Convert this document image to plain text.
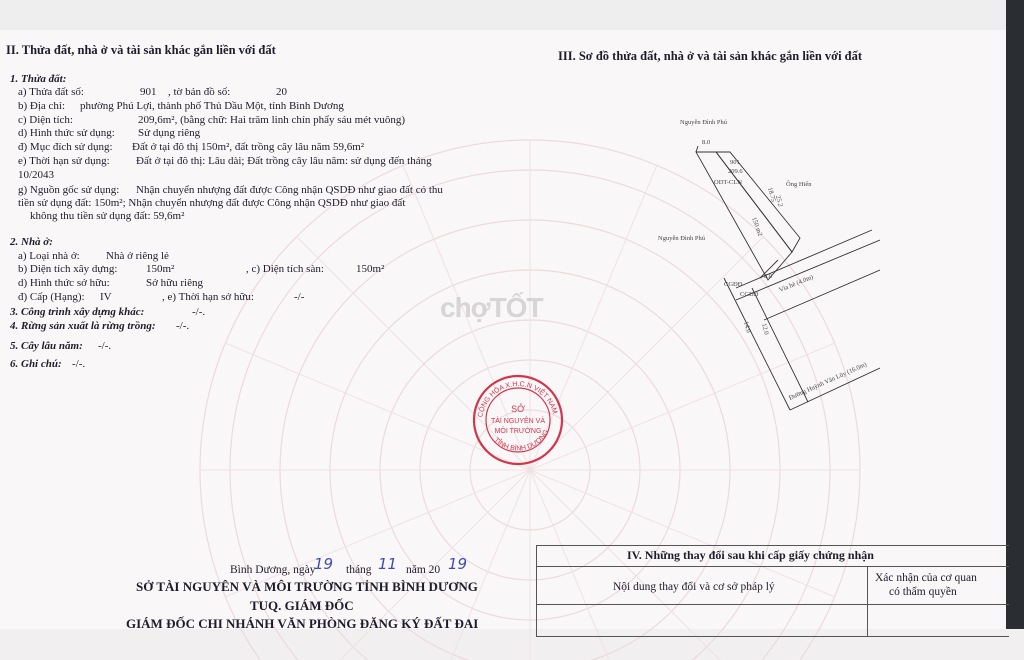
II. Thửa đất, nhà ở và tài sản khác gắn liền với đất
1. Thửa đất:
a) Thửa đất số:	901 , tờ bản đồ số:	20
b) Địa chỉ: phường Phú Lợi, thành phố Thủ Dầu Một, tỉnh Bình Dương
c) Diện tích:	209,6m², (bằng chữ: Hai trăm linh chín phẩy sáu mét vuông)
d) Hình thức sử dụng: Sử dụng riêng
đ) Mục đích sử dụng: Đất ở tại đô thị 150m², đất trồng cây lâu năm 59,6m²
e) Thời hạn sử dụng: Đất ở tại đô thị: Lâu dài; Đất trồng cây lâu năm: sử dụng đến tháng
10/2043
g) Nguồn gốc sử dụng: Nhận chuyển nhượng đất được Công nhận QSDĐ như giao đất có thu
tiền sử dụng đất: 150m²; Nhận chuyển nhượng đất được Công nhận QSDĐ như giao đất
không thu tiền sử dụng đất: 59,6m²
2. Nhà ở:
a) Loại nhà ở: Nhà ở riêng lẻ
b) Diện tích xây dựng:	150m²	, c) Diện tích sàn:	150m²
d) Hình thức sở hữu:	Sở hữu riêng
đ) Cấp (Hạng): IV	, e) Thời hạn sở hữu:	-/-
3. Công trình xây dựng khác:	-/-.
4. Rừng sản xuất là rừng trồng: -/-.
5. Cây lâu năm: -/-.
6. Ghi chú: -/-.
III. Sơ đồ thửa đất, nhà ở và tài sản khác gắn liền với đất
Nguyễn Đình Phú
Nguyễn Đình Phú
Ông Hiển
901
209.6
ODT-CLN
150 m2
8.0
8.0
18.75
25.2
14.0 12.0
Vỉa hè (4.0m)
Đường Huỳnh Văn Lũy (16.0m)
CGĐĐ
CGĐĐ
chợTỐT
CỘNG HÒA X.H.C.N VIỆT NAM
TỈNH BÌNH DƯƠNG
SỞ
TÀI NGUYÊN VÀ
MÔI TRƯỜNG
Bình Dương, ngày
19 tháng 11 năm 20 19
SỞ TÀI NGUYÊN VÀ MÔI TRƯỜNG TỈNH BÌNH DƯƠNG
TUQ. GIÁM ĐỐC
GIÁM ĐỐC CHI NHÁNH VĂN PHÒNG ĐĂNG KÝ ĐẤT ĐAI
IV. Những thay đổi sau khi cấp giấy chứng nhận
Nội dung thay đổi và cơ sở pháp lý
Xác nhận của cơ quan
có thẩm quyền
